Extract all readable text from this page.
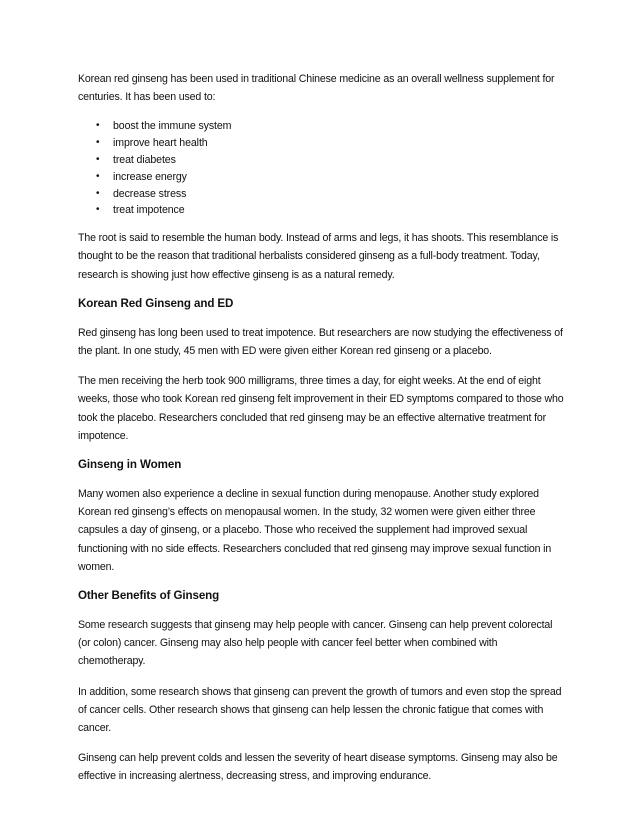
Korean red ginseng has been used in traditional Chinese medicine as an overall wellness supplement for centuries. It has been used to:

• boost the immune system
• improve heart health
• treat diabetes
• increase energy
• decrease stress
• treat impotence

The root is said to resemble the human body. Instead of arms and legs, it has shoots. This resemblance is thought to be the reason that traditional herbalists considered ginseng as a full-body treatment. Today, research is showing just how effective ginseng is as a natural remedy.

Korean Red Ginseng and ED

Red ginseng has long been used to treat impotence. But researchers are now studying the effectiveness of the plant. In one study, 45 men with ED were given either Korean red ginseng or a placebo.

The men receiving the herb took 900 milligrams, three times a day, for eight weeks. At the end of eight weeks, those who took Korean red ginseng felt improvement in their ED symptoms compared to those who took the placebo. Researchers concluded that red ginseng may be an effective alternative treatment for impotence.

Ginseng in Women

Many women also experience a decline in sexual function during menopause. Another study explored Korean red ginseng’s effects on menopausal women. In the study, 32 women were given either three capsules a day of ginseng, or a placebo. Those who received the supplement had improved sexual functioning with no side effects. Researchers concluded that red ginseng may improve sexual function in women.

Other Benefits of Ginseng

Some research suggests that ginseng may help people with cancer. Ginseng can help prevent colorectal (or colon) cancer. Ginseng may also help people with cancer feel better when combined with chemotherapy.

In addition, some research shows that ginseng can prevent the growth of tumors and even stop the spread of cancer cells. Other research shows that ginseng can help lessen the chronic fatigue that comes with cancer.

Ginseng can help prevent colds and lessen the severity of heart disease symptoms. Ginseng may also be effective in increasing alertness, decreasing stress, and improving endurance.
